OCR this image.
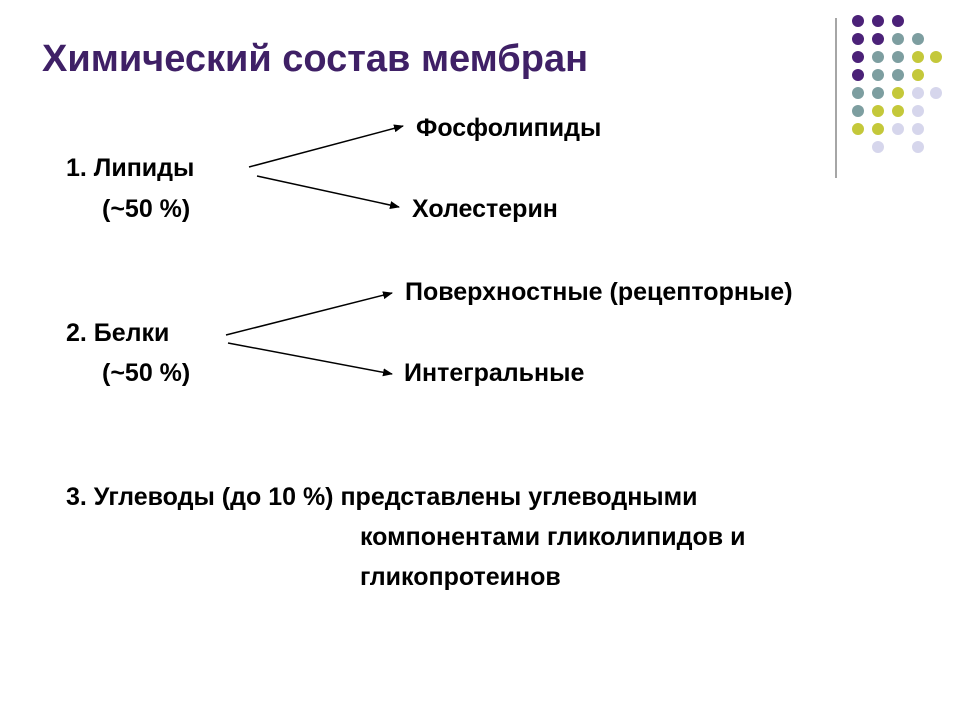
Химический состав мембран
Фосфолипиды
1. Липиды
(~50 %)	Холестерин
Поверхностные (рецепторные)
2. Белки
(~50 %)	Интегральные
3. Углеводы (до 10 %) представлены углеводными
компонентами гликолипидов и
гликопротеинов
